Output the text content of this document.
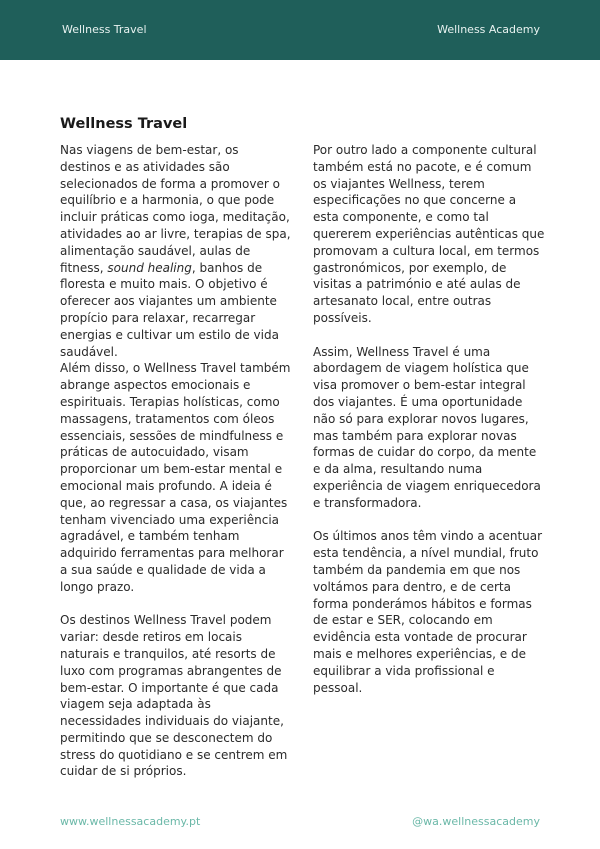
Wellness Travel	Wellness Academy
Wellness Travel

Nas viagens de bem-estar, os destinos e as atividades são selecionados de forma a promover o equilíbrio e a harmonia, o que pode incluir práticas como ioga, meditação, atividades ao ar livre, terapias de spa, alimentação saudável, aulas de fitness, sound healing, banhos de floresta e muito mais. O objetivo é oferecer aos viajantes um ambiente propício para relaxar, recarregar energias e cultivar um estilo de vida saudável.

Além disso, o Wellness Travel também abrange aspectos emocionais e espirituais. Terapias holísticas, como massagens, tratamentos com óleos essenciais, sessões de mindfulness e práticas de autocuidado, visam proporcionar um bem-estar mental e emocional mais profundo. A ideia é que, ao regressar a casa, os viajantes tenham vivenciado uma experiência agradável, e também tenham adquirido ferramentas para melhorar a sua saúde e qualidade de vida a longo prazo.

Os destinos Wellness Travel podem variar: desde retiros em locais naturais e tranquilos, até resorts de luxo com programas abrangentes de bem-estar. O importante é que cada viagem seja adaptada às necessidades individuais do viajante, permitindo que se desconectem do stress do quotidiano e se centrem em cuidar de si próprios.

Por outro lado a componente cultural também está no pacote, e é comum os viajantes Wellness, terem especificações no que concerne a esta componente, e como tal quererem experiências autênticas que promovam a cultura local, em termos gastronómicos, por exemplo, de visitas a património e até aulas de artesanato local, entre outras possíveis.

Assim, Wellness Travel é uma abordagem de viagem holística que visa promover o bem-estar integral dos viajantes. É uma oportunidade não só para explorar novos lugares, mas também para explorar novas formas de cuidar do corpo, da mente e da alma, resultando numa experiência de viagem enriquecedora e transformadora.

Os últimos anos têm vindo a acentuar esta tendência, a nível mundial, fruto também da pandemia em que nos voltámos para dentro, e de certa forma ponderámos hábitos e formas de estar e SER, colocando em evidência esta vontade de procurar mais e melhores experiências, e de equilibrar a vida profissional e pessoal.

www.wellnessacademy.pt	@wa.wellnessacademy
